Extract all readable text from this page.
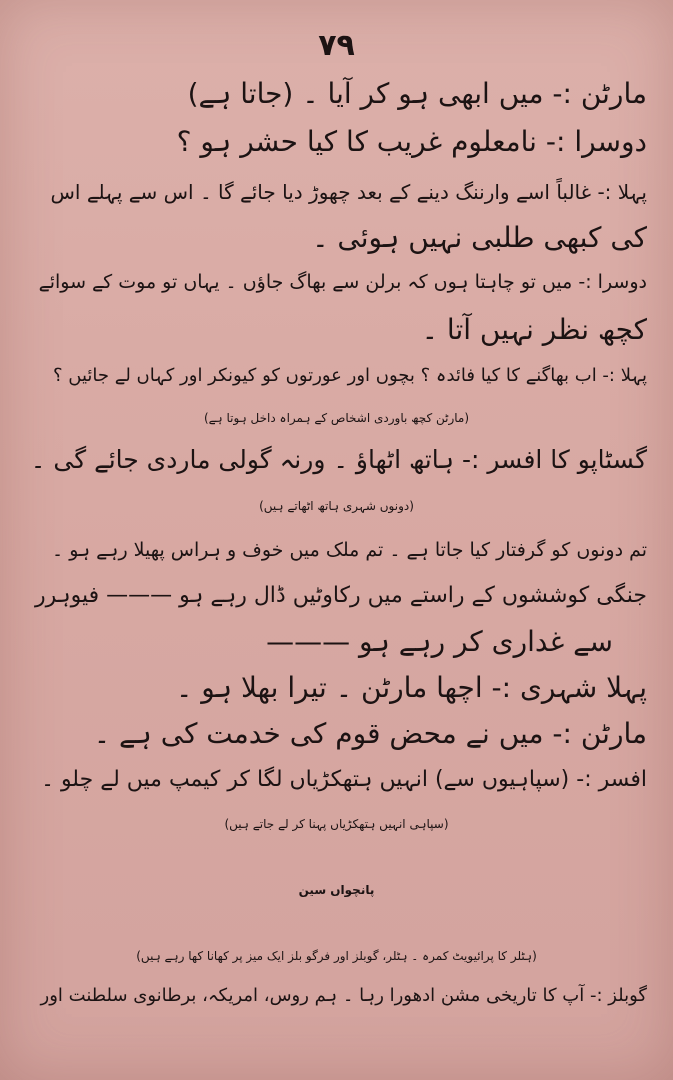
۷۹
مارٹن :- میں ابھی ہو کر آیا ۔ (جاتا ہے)
دوسرا :- نامعلوم غریب کا کیا حشر ہو ؟
پہلا :- غالباً اسے وارننگ دینے کے بعد چھوڑ دیا جائے گا ۔ اس سے پہلے اس
کی کبھی طلبی نہیں ہوئی ۔
دوسرا :- میں تو چاہتا ہوں کہ برلن سے بھاگ جاؤں ۔ یہاں تو موت کے سوائے
کچھ نظر نہیں آتا ۔
پہلا :- اب بھاگنے کا کیا فائدہ ؟ بچوں اور عورتوں کو کیونکر اور کہاں لے جائیں ؟
(مارٹن کچھ باوردی اشخاص کے ہمراہ داخل ہوتا ہے)
گسٹاپو کا افسر :- ہاتھ اٹھاؤ ۔ ورنہ گولی ماردی جائے گی ۔
(دونوں شہری ہاتھ اٹھاتے ہیں)
تم دونوں کو گرفتار کیا جاتا ہے ۔ تم ملک میں خوف و ہراس پھیلا رہے ہو ۔
جنگی کوششوں کے راستے میں رکاوٹیں ڈال رہے ہو ——— فیوہرر
سے غداری کر رہے ہو ———
پہلا شہری :- اچھا مارٹن ۔ تیرا بھلا ہو ۔
مارٹن :- میں نے محض قوم کی خدمت کی ہے ۔
افسر :- (سپاہیوں سے) انہیں ہتھکڑیاں لگا کر کیمپ میں لے چلو ۔
(سپاہی انہیں ہتھکڑیاں پہنا کر لے جاتے ہیں)
پانچواں سین
(ہٹلر کا پرائیویٹ کمرہ ۔ ہٹلر، گوبلز اور فرگو بلز ایک میز پر کھانا کھا رہے ہیں)
گوبلز :- آپ کا تاریخی مشن ادھورا رہا ۔ ہم روس، امریکہ، برطانوی سلطنت اور
